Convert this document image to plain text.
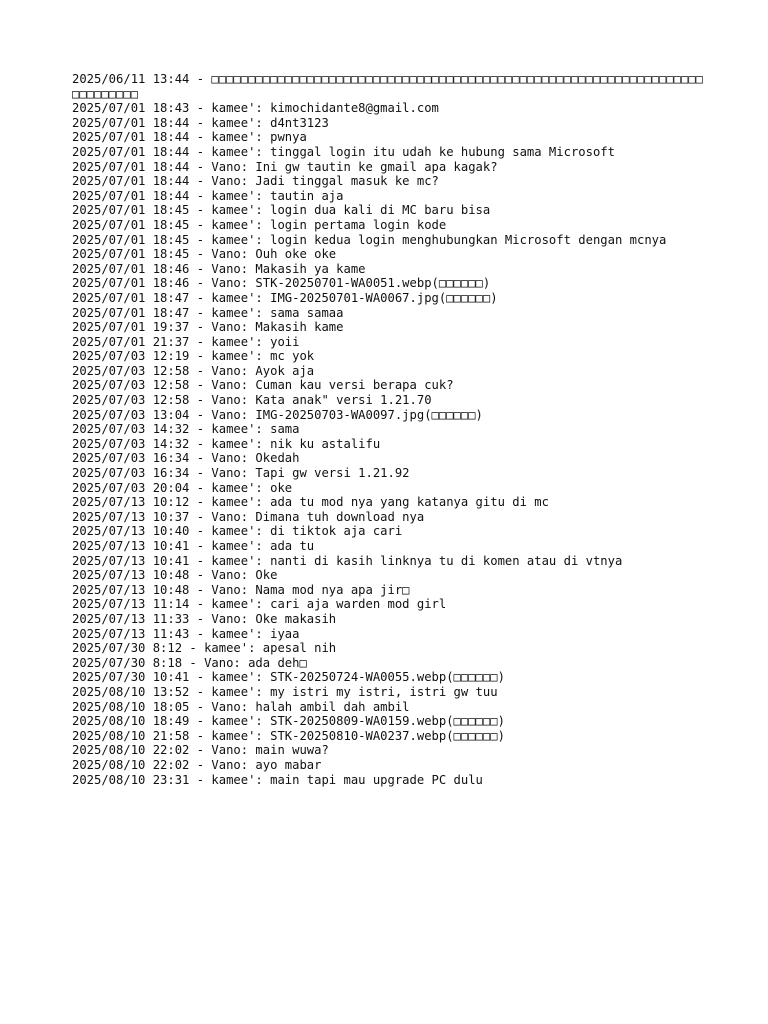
2025/06/11 13:44 - □□□□□□□□□□□□□□□□□□□□□□□□□□□□□□□□□□□□□□□□□□□□□□□□□□□□□□□□□□□□□□□□□□□□□□□□□□□□
2025/07/01 18:43 - kamee': kimochidante8@gmail.com
2025/07/01 18:44 - kamee': d4nt3123
2025/07/01 18:44 - kamee': pwnya
2025/07/01 18:44 - kamee': tinggal login itu udah ke hubung sama Microsoft
2025/07/01 18:44 - Vano: Ini gw tautin ke gmail apa kagak?
2025/07/01 18:44 - Vano: Jadi tinggal masuk ke mc?
2025/07/01 18:44 - kamee': tautin aja
2025/07/01 18:45 - kamee': login dua kali di MC baru bisa
2025/07/01 18:45 - kamee': login pertama login kode
2025/07/01 18:45 - kamee': login kedua login menghubungkan Microsoft dengan mcnya
2025/07/01 18:45 - Vano: Ouh oke oke
2025/07/01 18:46 - Vano: Makasih ya kame
2025/07/01 18:46 - Vano: STK-20250701-WA0051.webp(□□□□□□)
2025/07/01 18:47 - kamee': IMG-20250701-WA0067.jpg(□□□□□□)
2025/07/01 18:47 - kamee': sama samaa
2025/07/01 19:37 - Vano: Makasih kame
2025/07/01 21:37 - kamee': yoii
2025/07/03 12:19 - kamee': mc yok
2025/07/03 12:58 - Vano: Ayok aja
2025/07/03 12:58 - Vano: Cuman kau versi berapa cuk?
2025/07/03 12:58 - Vano: Kata anak" versi 1.21.70
2025/07/03 13:04 - Vano: IMG-20250703-WA0097.jpg(□□□□□□)
2025/07/03 14:32 - kamee': sama
2025/07/03 14:32 - kamee': nik ku astalifu
2025/07/03 16:34 - Vano: Okedah
2025/07/03 16:34 - Vano: Tapi gw versi 1.21.92
2025/07/03 20:04 - kamee': oke
2025/07/13 10:12 - kamee': ada tu mod nya yang katanya gitu di mc
2025/07/13 10:37 - Vano: Dimana tuh download nya
2025/07/13 10:40 - kamee': di tiktok aja cari
2025/07/13 10:41 - kamee': ada tu
2025/07/13 10:41 - kamee': nanti di kasih linknya tu di komen atau di vtnya
2025/07/13 10:48 - Vano: Oke
2025/07/13 10:48 - Vano: Nama mod nya apa jir□
2025/07/13 11:14 - kamee': cari aja warden mod girl
2025/07/13 11:33 - Vano: Oke makasih
2025/07/13 11:43 - kamee': iyaa
2025/07/30 8:12 - kamee': apesal nih
2025/07/30 8:18 - Vano: ada deh□
2025/07/30 10:41 - kamee': STK-20250724-WA0055.webp(□□□□□□)
2025/08/10 13:52 - kamee': my istri my istri, istri gw tuu
2025/08/10 18:05 - Vano: halah ambil dah ambil
2025/08/10 18:49 - kamee': STK-20250809-WA0159.webp(□□□□□□)
2025/08/10 21:58 - kamee': STK-20250810-WA0237.webp(□□□□□□)
2025/08/10 22:02 - Vano: main wuwa?
2025/08/10 22:02 - Vano: ayo mabar
2025/08/10 23:31 - kamee': main tapi mau upgrade PC dulu
